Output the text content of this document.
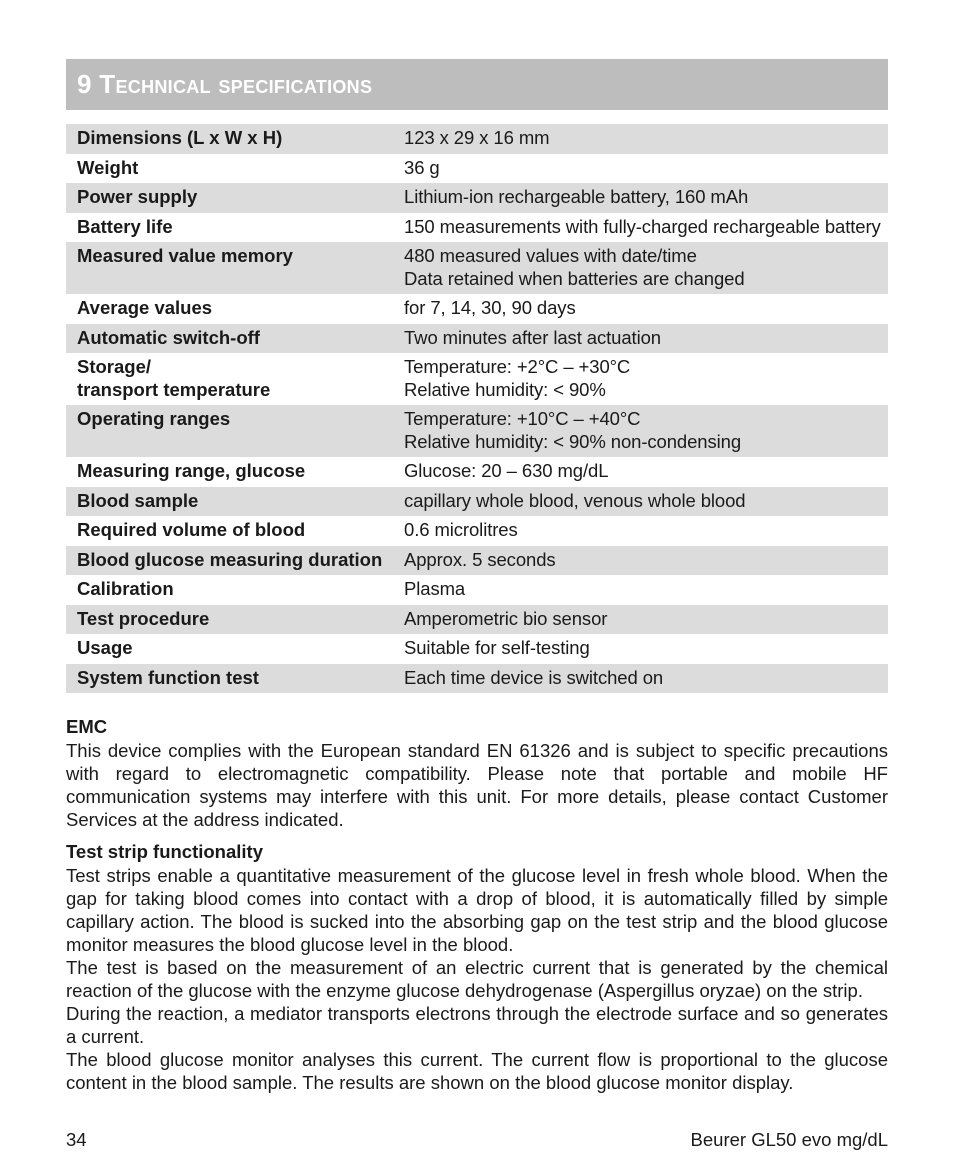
9 Technical specifications
Dimensions (L x W x H)	123 x 29 x 16 mm

Weight	36 g

Power supply	Lithium-ion rechargeable battery, 160 mAh

Battery life	150 measurements with fully-charged rechargeable battery

Measured value memory	480 measured values with date/time
Data retained when batteries are changed

Average values	for 7, 14, 30, 90 days

Automatic switch-off	Two minutes after last actuation

Storage/
transport temperature	Temperature: +2°C – +30°C
Relative humidity: < 90%

Operating ranges	Temperature: +10°C – +40°C
Relative humidity: < 90% non-condensing

Measuring range, glucose	Glucose: 20 – 630 mg/dL

Blood sample	capillary whole blood, venous whole blood

Required volume of blood	0.6 microlitres

Blood glucose measuring duration	Approx. 5 seconds

Calibration	Plasma

Test procedure	Amperometric bio sensor

Usage	Suitable for self-testing

System function test	Each time device is switched on
EMC

This device complies with the European standard EN 61326 and is subject to specific precautions with regard to electromagnetic compatibility. Please note that portable and mobile HF communication systems may interfere with this unit. For more details, please contact Customer Services at the address indicated.

Test strip functionality

Test strips enable a quantitative measurement of the glucose level in fresh whole blood. When the gap for taking blood comes into contact with a drop of blood, it is automatically filled by simple capillary action. The blood is sucked into the absorbing gap on the test strip and the blood glucose monitor measures the blood glucose level in the blood.

The test is based on the measurement of an electric current that is generated by the chemical reaction of the glucose with the enzyme glucose dehydrogenase (Aspergillus oryzae) on the strip.

During the reaction, a mediator transports electrons through the electrode surface and so generates a current.

The blood glucose monitor analyses this current. The current flow is proportional to the glucose content in the blood sample. The results are shown on the blood glucose monitor display.

34	Beurer GL50 evo mg/dL
